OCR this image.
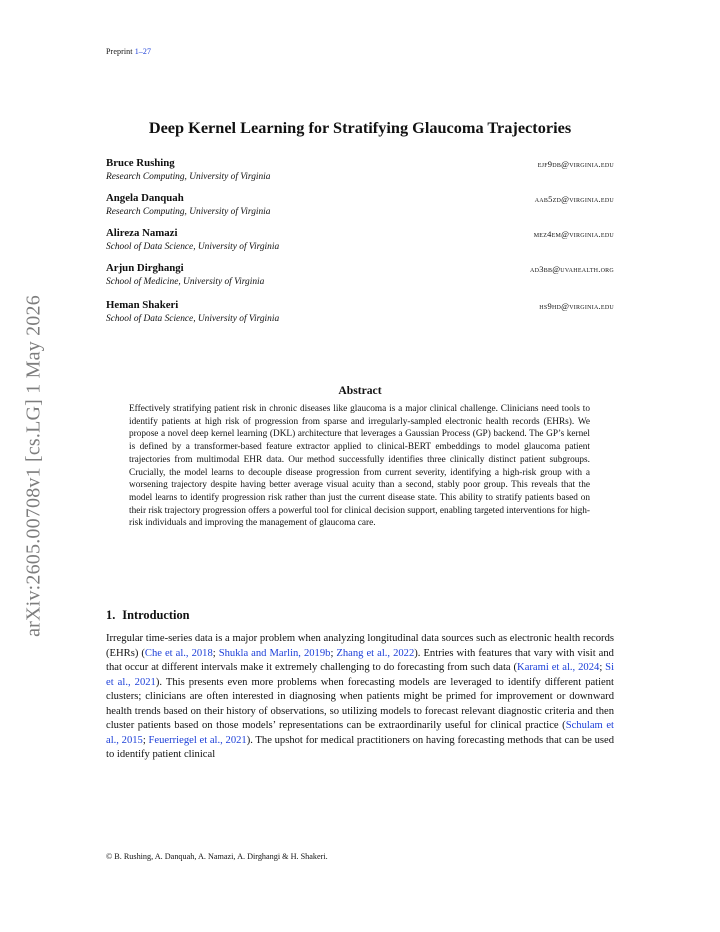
Preprint 1–27
arXiv:2605.00708v1 [cs.LG] 1 May 2026
Deep Kernel Learning for Stratifying Glaucoma Trajectories
Bruce Rushing	ejf9db@virginia.edu
Research Computing, University of Virginia
Angela Danquah	aab5zd@virginia.edu
Research Computing, University of Virginia
Alireza Namazi	mez4em@virginia.edu
School of Data Science, University of Virginia
Arjun Dirghangi	ad3bb@uvahealth.org
School of Medicine, University of Virginia
Heman Shakeri	hs9hd@virginia.edu
School of Data Science, University of Virginia
Abstract
Effectively stratifying patient risk in chronic diseases like glaucoma is a major clinical challenge. Clinicians need tools to identify patients at high risk of progression from sparse and irregularly-sampled electronic health records (EHRs). We propose a novel deep kernel learning (DKL) architecture that leverages a Gaussian Process (GP) backend. The GP’s kernel is defined by a transformer-based feature extractor applied to clinical-BERT embeddings to model glaucoma patient trajectories from multimodal EHR data. Our method successfully identifies three clinically distinct patient subgroups. Crucially, the model learns to decouple disease progression from current severity, identifying a high-risk group with a worsening trajectory despite having better average visual acuity than a second, stably poor group. This reveals that the model learns to identify progression risk rather than just the current disease state. This ability to stratify patients based on their risk trajectory progression offers a powerful tool for clinical decision support, enabling targeted interventions for high-risk individuals and improving the management of glaucoma care.
1. Introduction
Irregular time-series data is a major problem when analyzing longitudinal data sources such as electronic health records (EHRs) (Che et al., 2018; Shukla and Marlin, 2019b; Zhang et al., 2022). Entries with features that vary with visit and that occur at different intervals make it extremely challenging to do forecasting from such data (Karami et al., 2024; Si et al., 2021). This presents even more problems when forecasting models are leveraged to identify different patient clusters; clinicians are often interested in diagnosing when patients might be primed for improvement or downward health trends based on their history of observations, so utilizing models to forecast relevant diagnostic criteria and then cluster patients based on those models’ representations can be extraordinarily useful for clinical practice (Schulam et al., 2015; Feuerriegel et al., 2021). The upshot for medical practitioners on having forecasting methods that can be used to identify patient clinical
© B. Rushing, A. Danquah, A. Namazi, A. Dirghangi & H. Shakeri.
